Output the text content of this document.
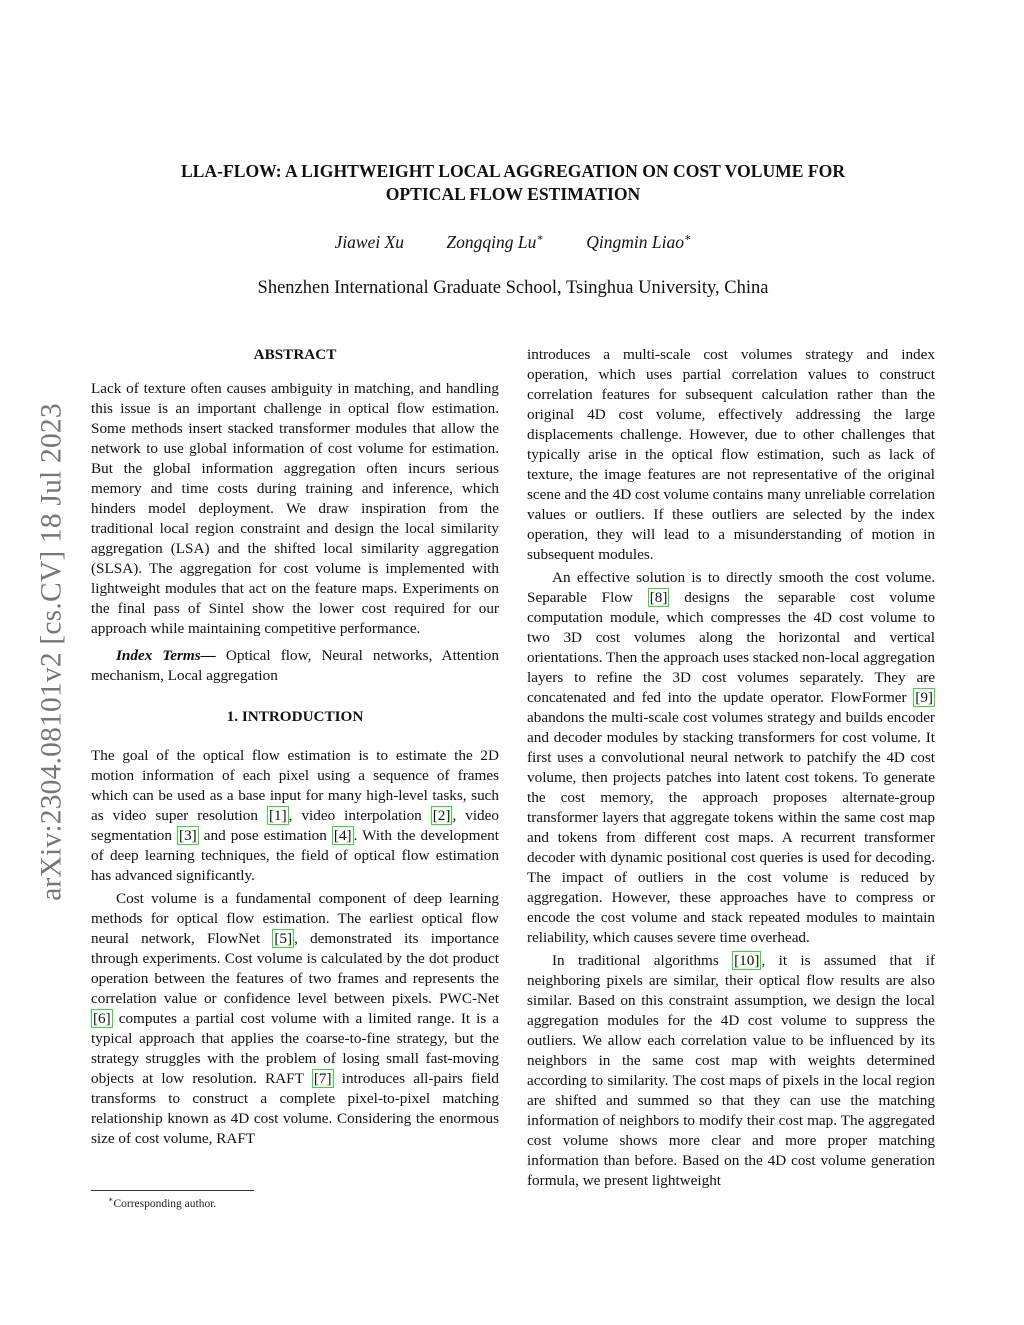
arXiv:2304.08101v2 [cs.CV] 18 Jul 2023
LLA-FLOW: A LIGHTWEIGHT LOCAL AGGREGATION ON COST VOLUME FOR
OPTICAL FLOW ESTIMATION
Jiawei Xu Zongqing Lu∗ Qingmin Liao∗
Shenzhen International Graduate School, Tsinghua University, China
ABSTRACT

Lack of texture often causes ambiguity in matching, and handling this issue is an important challenge in optical flow estimation. Some methods insert stacked transformer modules that allow the network to use global information of cost volume for estimation. But the global information aggregation often incurs serious memory and time costs during training and inference, which hinders model deployment. We draw inspiration from the traditional local region constraint and design the local similarity aggregation (LSA) and the shifted local similarity aggregation (SLSA). The aggregation for cost volume is implemented with lightweight modules that act on the feature maps. Experiments on the final pass of Sintel show the lower cost required for our approach while maintaining competitive performance.

Index Terms— Optical flow, Neural networks, Attention mechanism, Local aggregation

1. INTRODUCTION

The goal of the optical flow estimation is to estimate the 2D motion information of each pixel using a sequence of frames which can be used as a base input for many high-level tasks, such as video super resolution [1] , video interpolation [2] , video segmentation [3] and pose estimation [4] . With the development of deep learning techniques, the field of optical flow estimation has advanced significantly.

Cost volume is a fundamental component of deep learning methods for optical flow estimation. The earliest optical flow neural network, FlowNet [5] , demonstrated its importance through experiments. Cost volume is calculated by the dot product operation between the features of two frames and represents the correlation value or confidence level between pixels. PWC-Net [6] computes a partial cost volume with a limited range. It is a typical approach that applies the coarse-to-fine strategy, but the strategy struggles with the problem of losing small fast-moving objects at low resolution. RAFT [7] introduces all-pairs field transforms to construct a complete pixel-to-pixel matching relationship known as 4D cost volume. Considering the enormous size of cost volume, RAFT

∗Corresponding author.

introduces a multi-scale cost volumes strategy and index operation, which uses partial correlation values to construct correlation features for subsequent calculation rather than the original 4D cost volume, effectively addressing the large displacements challenge. However, due to other challenges that typically arise in the optical flow estimation, such as lack of texture, the image features are not representative of the original scene and the 4D cost volume contains many unreliable correlation values or outliers. If these outliers are selected by the index operation, they will lead to a misunderstanding of motion in subsequent modules.

An effective solution is to directly smooth the cost volume. Separable Flow [8] designs the separable cost volume computation module, which compresses the 4D cost volume to two 3D cost volumes along the horizontal and vertical orientations. Then the approach uses stacked non-local aggregation layers to refine the 3D cost volumes separately. They are concatenated and fed into the update operator. FlowFormer [9] abandons the multi-scale cost volumes strategy and builds encoder and decoder modules by stacking transformers for cost volume. It first uses a convolutional neural network to patchify the 4D cost volume, then projects patches into latent cost tokens. To generate the cost memory, the approach proposes alternate-group transformer layers that aggregate tokens within the same cost map and tokens from different cost maps. A recurrent transformer decoder with dynamic positional cost queries is used for decoding. The impact of outliers in the cost volume is reduced by aggregation. However, these approaches have to compress or encode the cost volume and stack repeated modules to maintain reliability, which causes severe time overhead.

In traditional algorithms [10] , it is assumed that if neighboring pixels are similar, their optical flow results are also similar. Based on this constraint assumption, we design the local aggregation modules for the 4D cost volume to suppress the outliers. We allow each correlation value to be influenced by its neighbors in the same cost map with weights determined according to similarity. The cost maps of pixels in the local region are shifted and summed so that they can use the matching information of neighbors to modify their cost map. The aggregated cost volume shows more clear and more proper matching information than before. Based on the 4D cost volume generation formula, we present lightweight
